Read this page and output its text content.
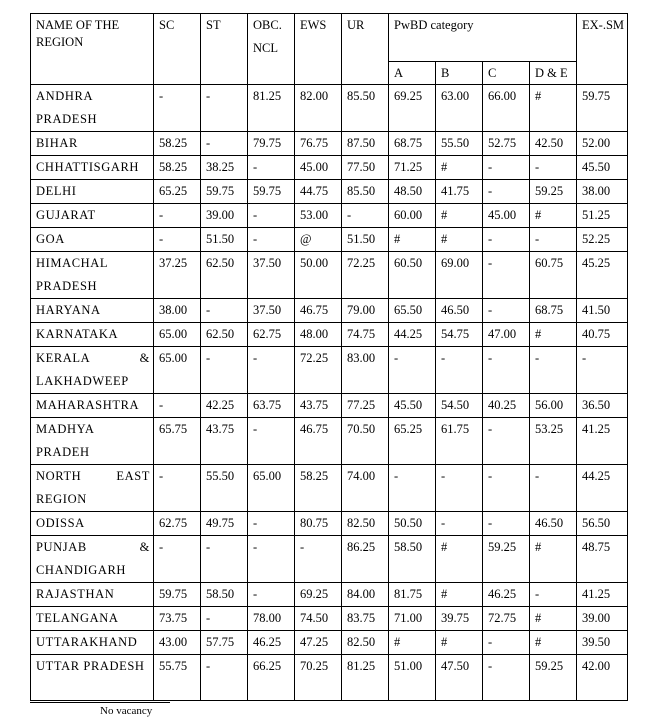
NAME OF THE REGION	SC	ST	OBC. NCL	EWS	UR	PwBD category				EX-.SM
						A	B	C	D & E	
ANDHRA PRADESH	-	-	81.25	82.00	85.50	69.25	63.00	66.00	#	59.75
BIHAR	58.25	-	79.75	76.75	87.50	68.75	55.50	52.75	42.50	52.00
CHHATTISGARH	58.25	38.25	-	45.00	77.50	71.25	#	-	-	45.50
DELHI	65.25	59.75	59.75	44.75	85.50	48.50	41.75	-	59.25	38.00
GUJARAT	-	39.00	-	53.00	-	60.00	#	45.00	#	51.25
GOA	-	51.50	-	@	51.50	#	#	-	-	52.25
HIMACHAL PRADESH	37.25	62.50	37.50	50.00	72.25	60.50	69.00	-	60.75	45.25
HARYANA	38.00	-	37.50	46.75	79.00	65.50	46.50	-	68.75	41.50
KARNATAKA	65.00	62.50	62.75	48.00	74.75	44.25	54.75	47.00	#	40.75

KERALA &
LAKHADWEEP	65.00	-	-	72.25	83.00	-	-	-	-	-
MAHARASHTRA	-	42.25	63.75	43.75	77.25	45.50	54.50	40.25	56.00	36.50
MADHYA PRADEH	65.75	43.75	-	46.75	70.50	65.25	61.75	-	53.25	41.25

NORTH EAST
REGION	-	55.50	65.00	58.25	74.00	-	-	-	-	44.25
ODISSA	62.75	49.75	-	80.75	82.50	50.50	-	-	46.50	56.50

PUNJAB &
CHANDIGARH	-	-	-	-	86.25	58.50	#	59.25	#	48.75
RAJASTHAN	59.75	58.50	-	69.25	84.00	81.75	#	46.25	-	41.25
TELANGANA	73.75	-	78.00	74.50	83.75	71.00	39.75	72.75	#	39.00
UTTARAKHAND	43.00	57.75	46.25	47.25	82.50	#	#	-	#	39.50
UTTAR PRADESH	55.75	-	66.25	70.25	81.25	51.00	47.50	-	59.25	42.00
No vacancy
